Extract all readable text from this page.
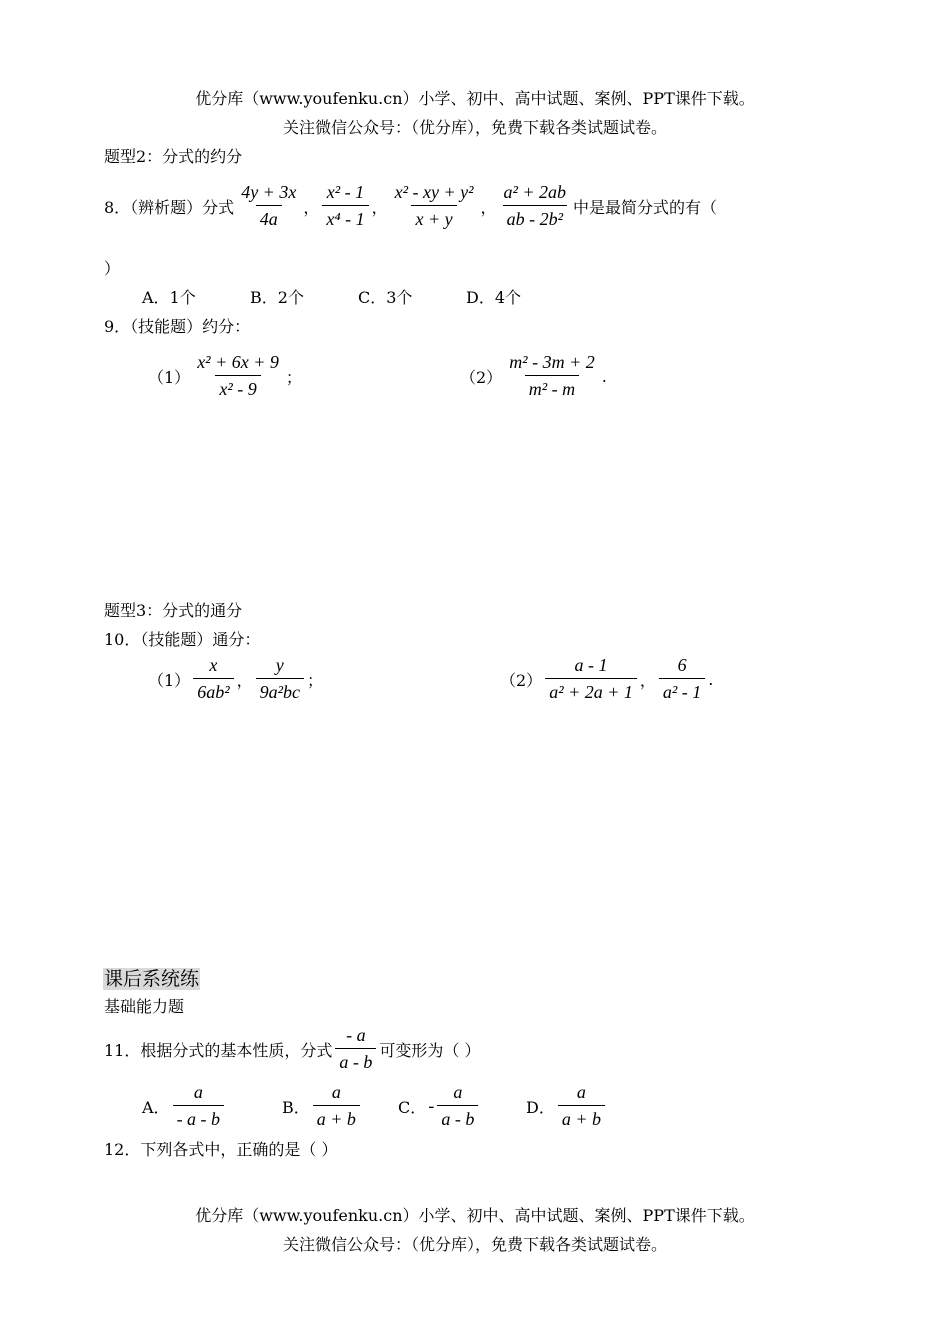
优分库（www.youfenku.cn）小学、初中、高中试题、案例、PPT课件下载。
关注微信公众号：（优分库），免费下载各类试题试卷。
题型2：分式的约分
8．（辨析题）分式 $\frac{4y + 3x}{4a}$ ， $\frac{\text{x² - 1}}{\text{x⁴ - 1}}$ ， $\frac{\text{x² - xy + y²}}{x + y}$ ， $\frac{\text{a² + 2ab}}{\text{ab - 2b²}}$ 中是最简分式的有（
）
A．1个	B．2个	C．3个	D．4个
9．（技能题）约分：
$(1) \frac{\text{x² + 6x + 9}}{\text{x² - 9}}$ ；	$(2) \frac{\text{m² - 3m + 2}}{\text{m² - m}}$ .
题型3：分式的通分
10．（技能题）通分：
$(1) \frac{x}{\text{6ab²}}$ ， $\frac{y}{\text{9a²bc}}$ ；	$(2) \frac{a - 1}{\text{a² + 2a + 1}}$ ， $\frac{6}{\text{a² - 1}}$ .
课后系统练
基础能力题
11．根据分式的基本性质，分式 $\frac{- a}{a - b}$ 可变形为（ ）
A． $\frac{a}{- a - b}$	B． $\frac{a}{a + b}$ C． - $\frac{a}{a - b}$	D． $\frac{a}{a + b}$
12．下列各式中，正确的是（ ）
优分库（www.youfenku.cn）小学、初中、高中试题、案例、PPT课件下载。
关注微信公众号：（优分库），免费下载各类试题试卷。
